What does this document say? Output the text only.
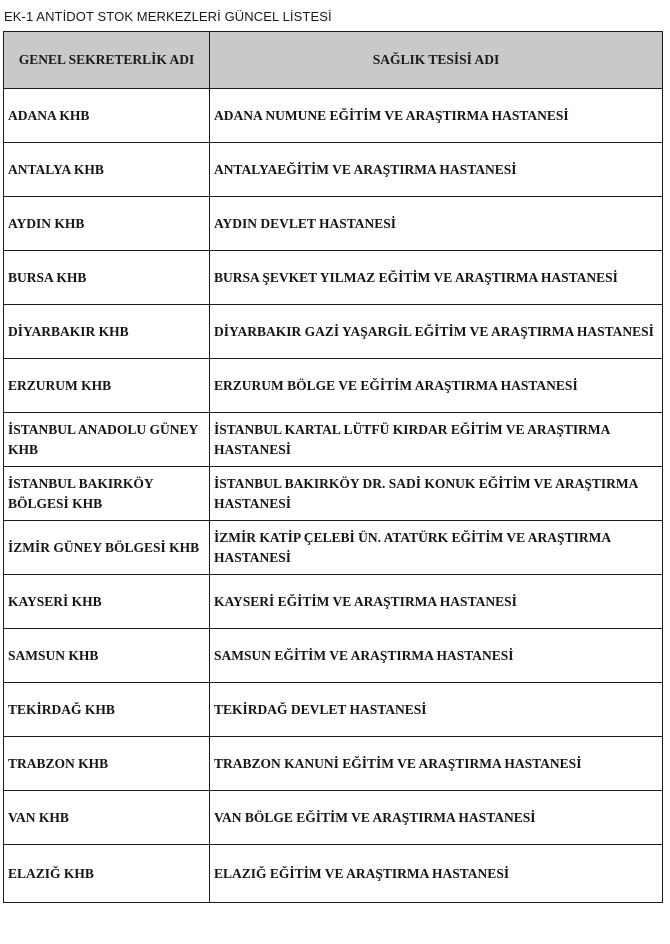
EK-1 ANTİDOT STOK MERKEZLERİ GÜNCEL LİSTESİ
GENEL SEKRETERLİK ADI	SAĞLIK TESİSİ ADI
ADANA KHB	ADANA NUMUNE EĞİTİM VE ARAŞTIRMA HASTANESİ
ANTALYA KHB	ANTALYAEĞİTİM VE ARAŞTIRMA HASTANESİ
AYDIN KHB	AYDIN DEVLET HASTANESİ
BURSA KHB	BURSA ŞEVKET YILMAZ EĞİTİM VE ARAŞTIRMA HASTANESİ
DİYARBAKIR KHB	DİYARBAKIR GAZİ YAŞARGİL EĞİTİM VE ARAŞTIRMA HASTANESİ
ERZURUM KHB	ERZURUM BÖLGE VE EĞİTİM ARAŞTIRMA HASTANESİ
İSTANBUL ANADOLU GÜNEY KHB	İSTANBUL KARTAL LÜTFÜ KIRDAR EĞİTİM VE ARAŞTIRMA HASTANESİ
İSTANBUL BAKIRKÖY BÖLGESİ KHB	İSTANBUL BAKIRKÖY DR. SADİ KONUK EĞİTİM VE ARAŞTIRMA HASTANESİ
İZMİR GÜNEY BÖLGESİ KHB	İZMİR KATİP ÇELEBİ ÜN. ATATÜRK EĞİTİM VE ARAŞTIRMA HASTANESİ
KAYSERİ KHB	KAYSERİ EĞİTİM VE ARAŞTIRMA HASTANESİ
SAMSUN KHB	SAMSUN EĞİTİM VE ARAŞTIRMA HASTANESİ
TEKİRDAĞ KHB	TEKİRDAĞ DEVLET HASTANESİ
TRABZON KHB	TRABZON KANUNİ EĞİTİM VE ARAŞTIRMA HASTANESİ
VAN KHB	VAN BÖLGE EĞİTİM VE ARAŞTIRMA HASTANESİ
ELAZIĞ KHB	ELAZIĞ EĞİTİM VE ARAŞTIRMA HASTANESİ
